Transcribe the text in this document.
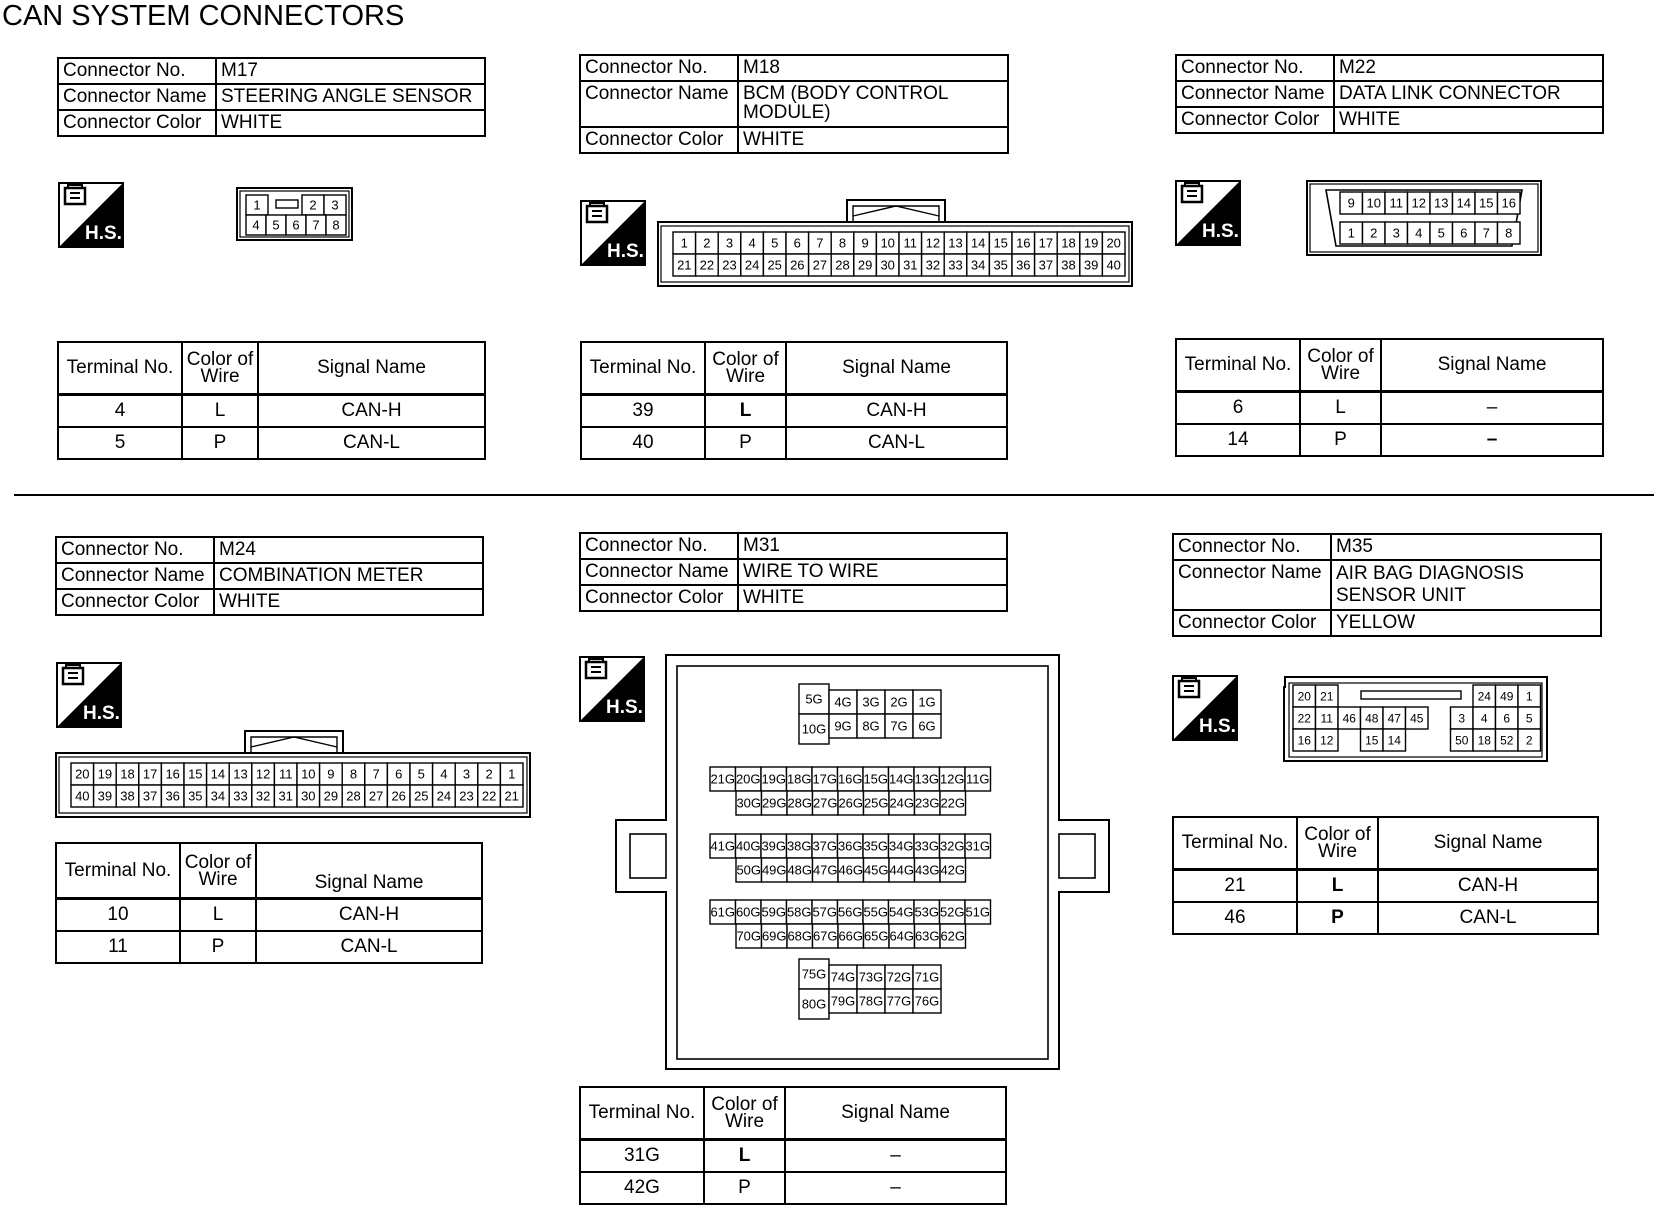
CAN SYSTEM CONNECTORS
Connector No.	M17
Connector Name	STEERING ANGLE SENSOR
Connector Color	WHITE
H.S.
1	2 3
4 5 6 7 8
Terminal No.	Color of
Wire	Signal Name
4	L	CAN-H
5	P	CAN-L
Connector No.	M18
Connector Name	BCM (BODY CONTROL MODULE)
Connector Color	WHITE
H.S.	1 2 3 4 5 6 7 8 9 10 11 12 13 14 15 16 17 18 19 20
21 22 23 24 25 26 27 28 29 30 31 32 33 34 35 36 37 38 39 40
Terminal No.	Color of
Wire	Signal Name
39	L	CAN-H
40	P	CAN-L
Connector No.	M22
Connector Name	DATA LINK CONNECTOR
Connector Color	WHITE
H.S.
9 10 11 12 13 14 15 16
1 2 3 4 5 6 7 8
Terminal No.	Color of
Wire	Signal Name
6	L	–
14	P	–
Connector No.	M24
Connector Name	COMBINATION METER
Connector Color	WHITE
H.S.
20 19 18 17 16 15 14 13 12 11 10 9 8 7 6 5 4 3 2 1
40 39 38 37 36 35 34 33 32 31 30 29 28 27 26 25 24 23 22 21
Terminal No.	Color of
Wire	Signal Name
10	L	CAN-H
11	P	CAN-L
Connector No.	M31
Connector Name	WIRE TO WIRE
Connector Color	WHITE
H.S.	5G
10G
4G 3G 2G 1G
9G 8G 7G 6G
21G 20G 19G 18G 17G 16G 15G 14G 13G 12G 11G
30G 29G 28G 27G 26G 25G 24G 23G 22G
41G 40G 39G 38G 37G 36G 35G 34G 33G 32G 31G
50G 49G 48G 47G 46G 45G 44G 43G 42G
61G 60G 59G 58G 57G 56G 55G 54G 53G 52G 51G
70G 69G 68G 67G 66G 65G 64G 63G 62G
75G
80G
74G 73G 72G 71G
79G 78G 77G 76G
Terminal No.	Color of
Wire	Signal Name
31G	L	–
42G	P	–
Connector No.	M35
Connector Name	AIR BAG DIAGNOSIS
SENSOR UNIT
Connector Color	YELLOW
H.S.
20 21	24 49 1
22 11 46 48 47 45	3 4 6 5
16 12	15 14	50 18 52 2
Terminal No.	Color of
Wire	Signal Name
21	L	CAN-H
46	P	CAN-L
